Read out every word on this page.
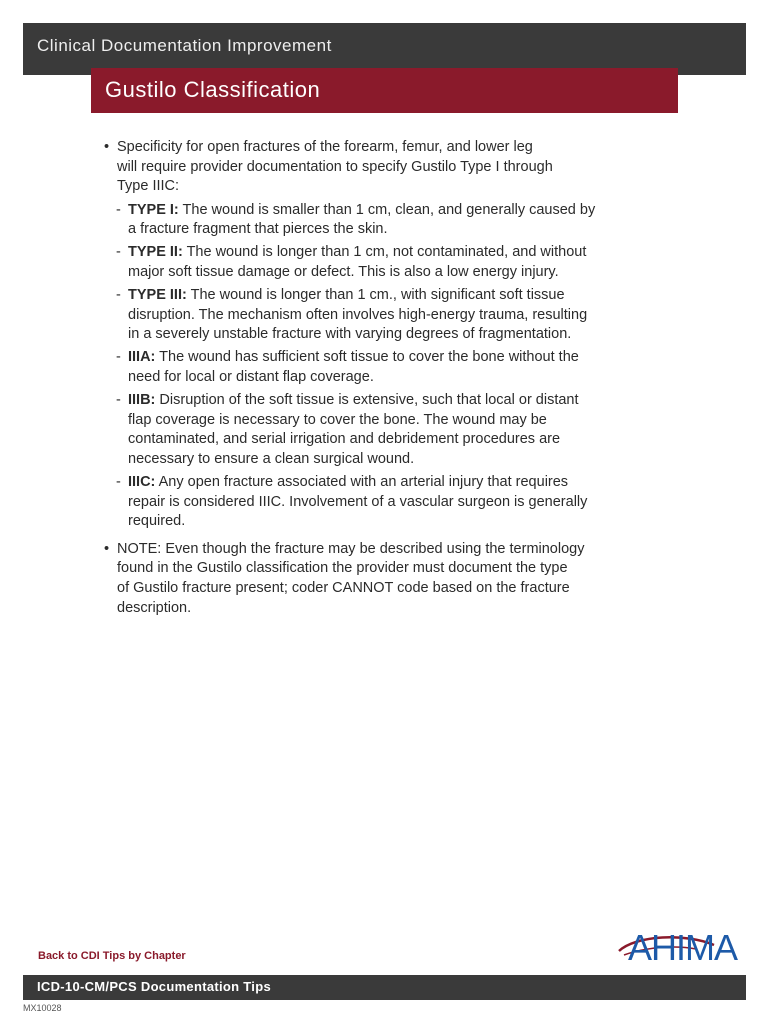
Clinical Documentation Improvement
Gustilo Classification
• Specificity for open fractures of the forearm, femur, and lower leg
will require provider documentation to specify Gustilo Type I through
Type IIIC:
- TYPE I: The wound is smaller than 1 cm, clean, and generally caused by
a fracture fragment that pierces the skin.
- TYPE II: The wound is longer than 1 cm, not contaminated, and without
major soft tissue damage or defect. This is also a low energy injury.
- TYPE III: The wound is longer than 1 cm., with significant soft tissue
disruption. The mechanism often involves high-energy trauma, resulting
in a severely unstable fracture with varying degrees of fragmentation.
- IIIA: The wound has sufficient soft tissue to cover the bone without the
need for local or distant flap coverage.
- IIIB: Disruption of the soft tissue is extensive, such that local or distant
flap coverage is necessary to cover the bone. The wound may be
contaminated, and serial irrigation and debridement procedures are
necessary to ensure a clean surgical wound.
- IIIC: Any open fracture associated with an arterial injury that requires
repair is considered IIIC. Involvement of a vascular surgeon is generally
required.
• NOTE: Even though the fracture may be described using the terminology
found in the Gustilo classification the provider must document the type
of Gustilo fracture present; coder CANNOT code based on the fracture
description.
Back to CDI Tips by Chapter	AHIMA
ICD-10-CM/PCS Documentation Tips
MX10028
